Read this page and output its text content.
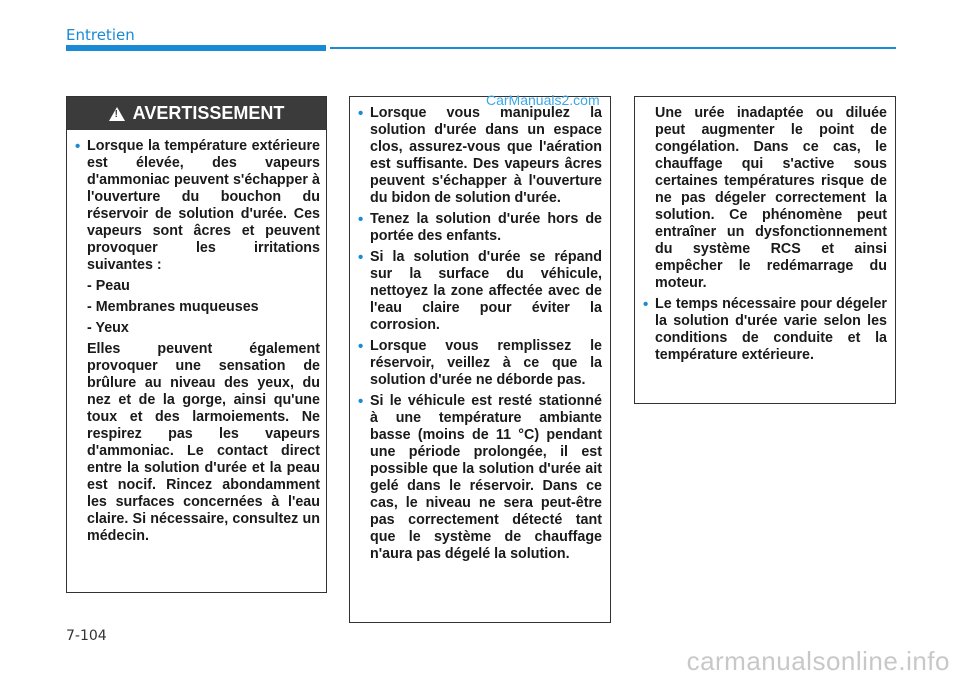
Entretien
!
AVERTISSEMENT
• Lorsque la température extérieure est élevée, des vapeurs d'ammoniac peuvent s'échapper à l'ouverture du bouchon du réservoir de solution d'urée. Ces vapeurs sont âcres et peuvent provoquer les irritations suivantes :
- Peau
- Membranes muqueuses
- Yeux
Elles peuvent également provoquer une sensation de brûlure au niveau des yeux, du nez et de la gorge, ainsi qu'une toux et des larmoiements. Ne respirez pas les vapeurs d'ammoniac. Le contact direct entre la solution d'urée et la peau est nocif. Rincez abondamment les surfaces concernées à l'eau claire. Si nécessaire, consultez un médecin.
• Lorsque vous manipulez la solution d'urée dans un espace clos, assurez-vous que l'aération est suffisante. Des vapeurs âcres peuvent s'échapper à l'ouverture du bidon de solution d'urée.
• Tenez la solution d'urée hors de portée des enfants.
• Si la solution d'urée se répand sur la surface du véhicule, nettoyez la zone affectée avec de l'eau claire pour éviter la corrosion.
• Lorsque vous remplissez le réservoir, veillez à ce que la solution d'urée ne déborde pas.
• Si le véhicule est resté stationné à une température ambiante basse (moins de 11 °C) pendant une période prolongée, il est possible que la solution d'urée ait gelé dans le réservoir. Dans ce cas, le niveau ne sera peut-être pas correctement détecté tant que le système de chauffage n'aura pas dégelé la solution.
CarManuals2.com
Une urée inadaptée ou diluée peut augmenter le point de congélation. Dans ce cas, le chauffage qui s'active sous certaines températures risque de ne pas dégeler correctement la solution. Ce phénomène peut entraîner un dysfonctionnement du système RCS et ainsi empêcher le redémarrage du moteur.
• Le temps nécessaire pour dégeler la solution d'urée varie selon les conditions de conduite et la température extérieure.
7-104
carmanualsonline.info
